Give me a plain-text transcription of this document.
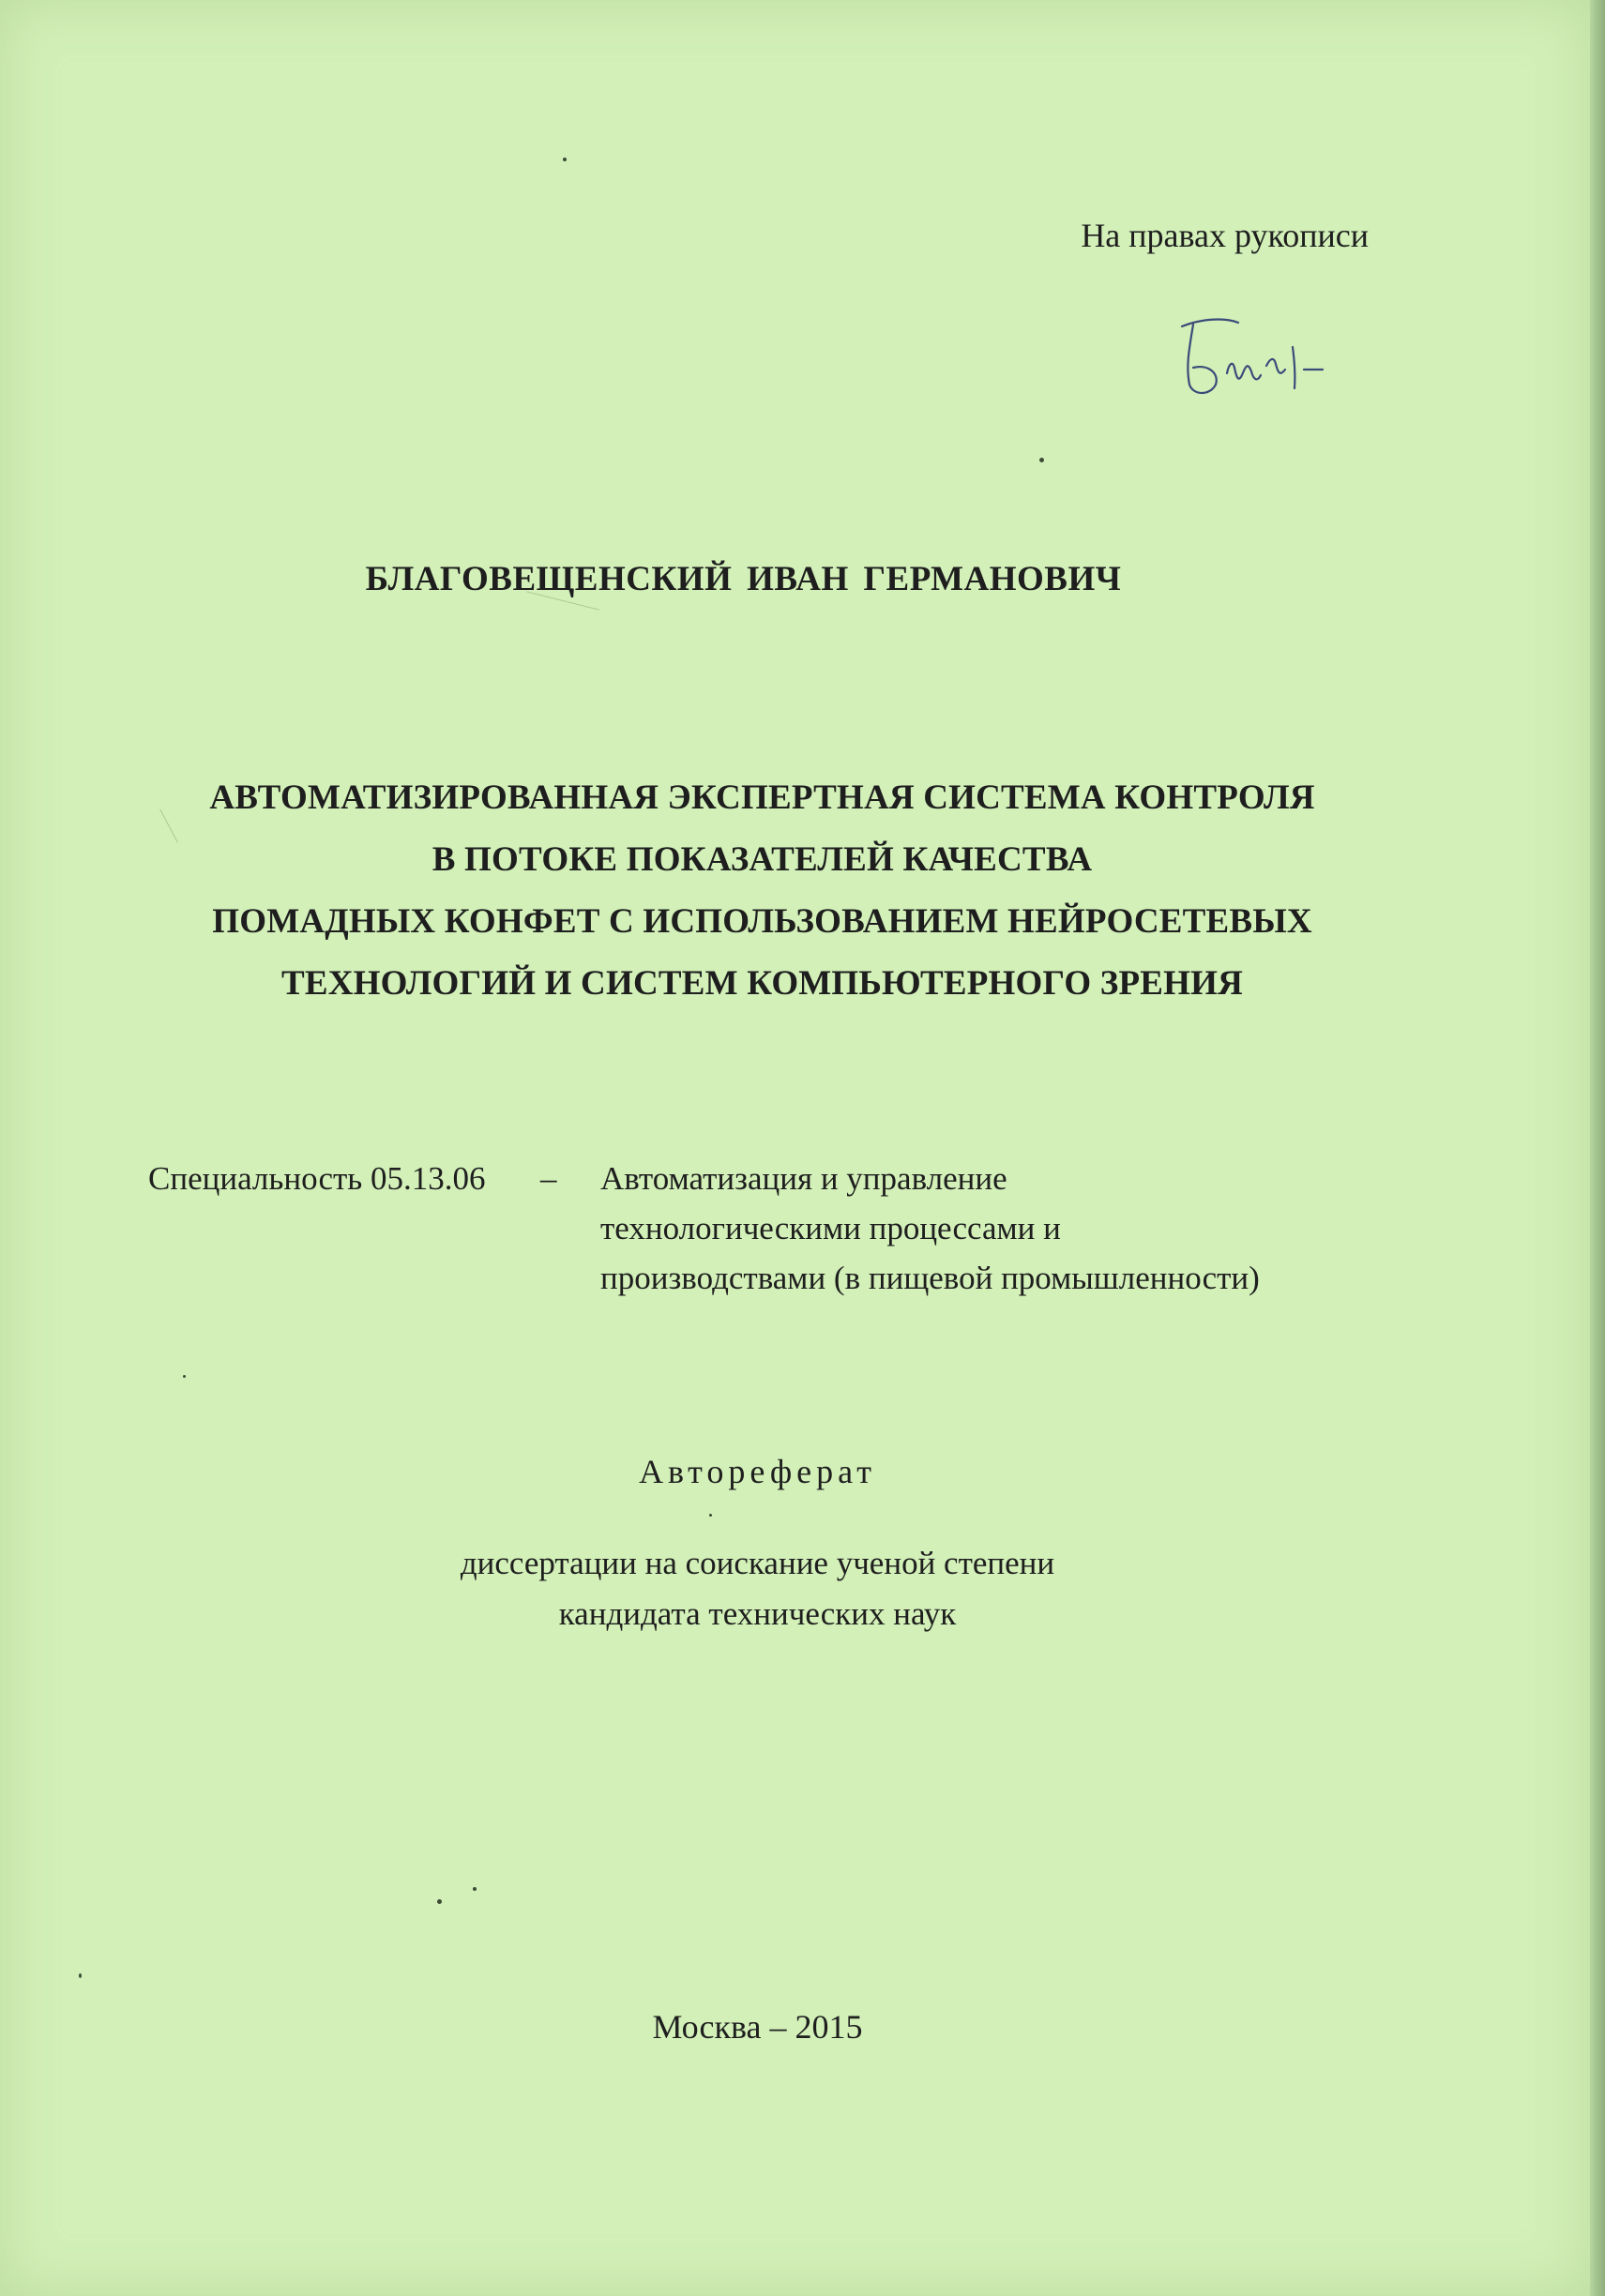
На правах рукописи

БЛАГОВЕЩЕНСКИЙ ИВАН ГЕРМАНОВИЧ

АВТОМАТИЗИРОВАННАЯ ЭКСПЕРТНАЯ СИСТЕМА КОНТРОЛЯ
В ПОТОКЕ ПОКАЗАТЕЛЕЙ КАЧЕСТВА
ПОМАДНЫХ КОНФЕТ С ИСПОЛЬЗОВАНИЕМ НЕЙРОСЕТЕВЫХ
ТЕХНОЛОГИЙ И СИСТЕМ КОМПЬЮТЕРНОГО ЗРЕНИЯ
Специальность 05.13.06 – Автоматизация и управление
технологическими процессами и
производствами (в пищевой промышленности)

Автореферат

диссертации на соискание ученой степени
кандидата технических наук

Москва – 2015
